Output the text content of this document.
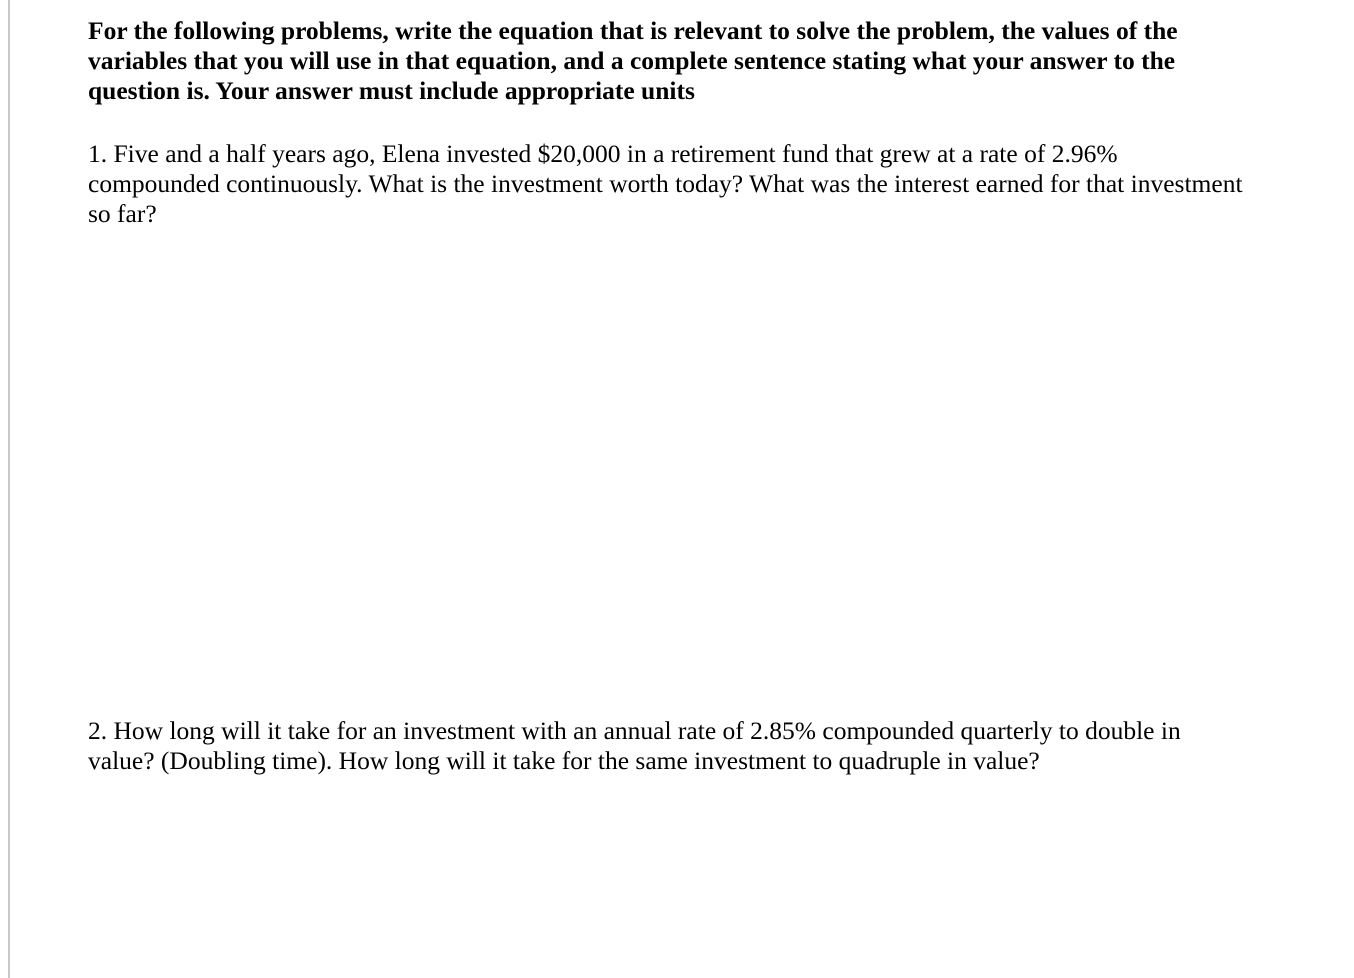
For the following problems, write the equation that is relevant to solve the problem, the values of the variables that you will use in that equation, and a complete sentence stating what your answer to the question is. Your answer must include appropriate units

1. Five and a half years ago, Elena invested $20,000 in a retirement fund that grew at a rate of 2.96% compounded continuously. What is the investment worth today? What was the interest earned for that investment so far?

2. How long will it take for an investment with an annual rate of 2.85% compounded quarterly to double in value? (Doubling time). How long will it take for the same investment to quadruple in value?
